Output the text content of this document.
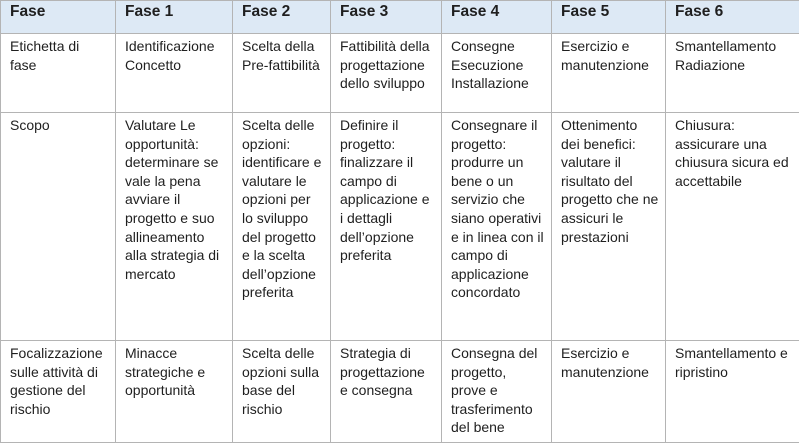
Fase	Fase 1	Fase 2	Fase 3	Fase 4	Fase 5	Fase 6

Etichetta di fase	Identificazione Concetto	Scelta della Pre-fattibilità	Fattibilità della progettazione dello sviluppo	Consegne Esecuzione Installazione	Esercizio e manutenzione	Smantellamento Radiazione

Scopo	Valutare Le opportunità: determinare se vale la pena avviare il progetto e suo allineamento alla strategia di mercato	Scelta delle opzioni: identificare e valutare le opzioni per lo sviluppo del progetto e la scelta dell’opzione preferita	Definire il progetto: finalizzare il campo di applicazione e i dettagli dell’opzione preferita	Consegnare il progetto: produrre un bene o un servizio che siano operativi e in linea con il campo di applicazione concordato	Ottenimento dei benefici: valutare il risultato del progetto che ne assicuri le prestazioni	Chiusura: assicurare una chiusura sicura ed accettabile

Focalizzazione sulle attività di gestione del rischio	Minacce strategiche e opportunità	Scelta delle opzioni sulla base del rischio	Strategia di progettazione e consegna	Consegna del progetto, prove e trasferimento del bene	Esercizio e manutenzione	Smantellamento e ripristino
